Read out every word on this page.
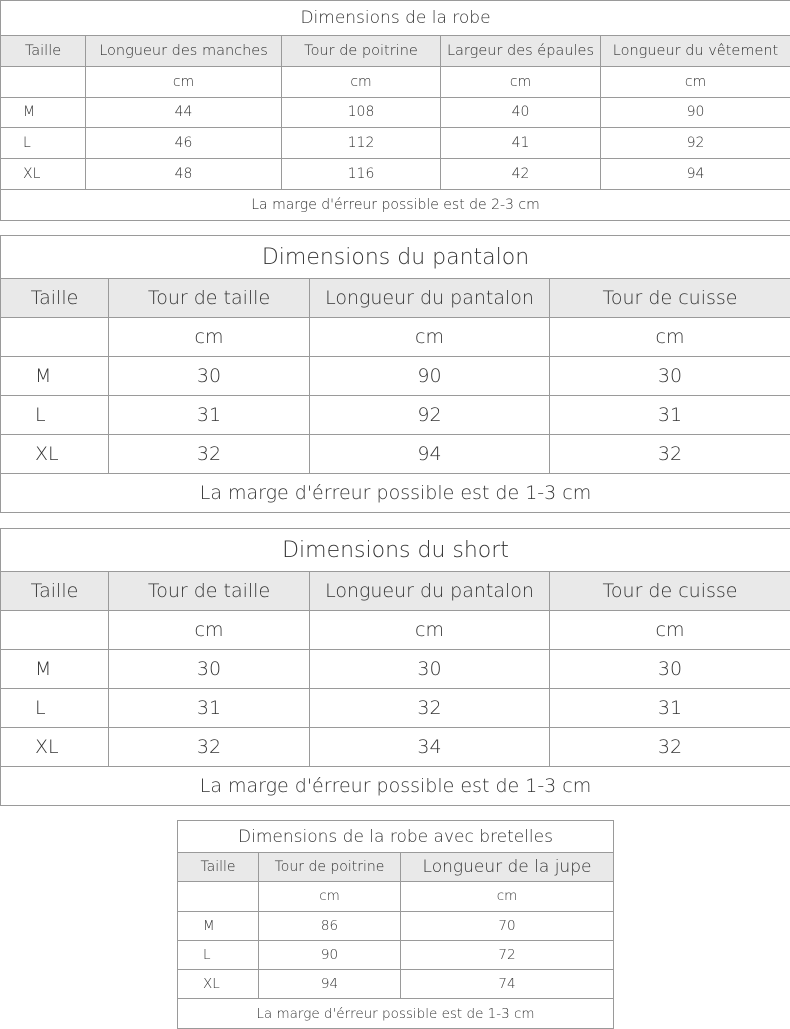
Dimensions de la robe				
Taille	Longueur des manches	Tour de poitrine	Largeur des épaules	Longueur du vêtement
	cm	cm	cm	cm
M	44	108	40	90
L	46	112	41	92
XL	48	116	42	94
La marge d'érreur possible est de 2-3 cm				
Dimensions du pantalon			
Taille	Tour de taille	Longueur du pantalon	Tour de cuisse
	cm	cm	cm
M	30	90	30
L	31	92	31
XL	32	94	32
La marge d'érreur possible est de 1-3 cm			
Dimensions du short			
Taille	Tour de taille	Longueur du pantalon	Tour de cuisse
	cm	cm	cm
M	30	30	30
L	31	32	31
XL	32	34	32
La marge d'érreur possible est de 1-3 cm			
Dimensions de la robe avec bretelles		
Taille	Tour de poitrine	Longueur de la jupe
	cm	cm
M	86	70
L	90	72
XL	94	74
La marge d'érreur possible est de 1-3 cm		
